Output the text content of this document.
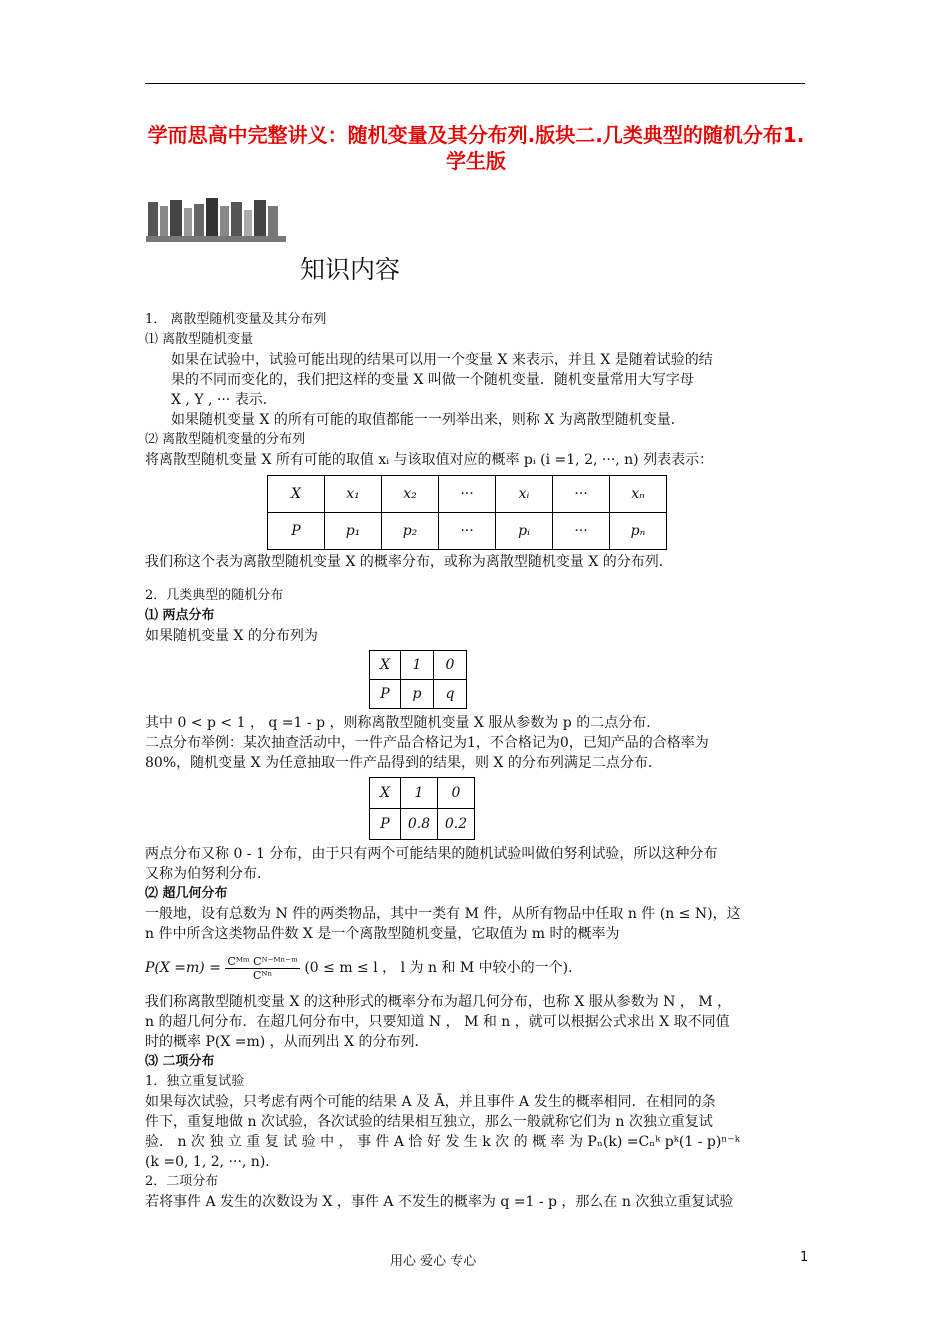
学而思高中完整讲义：随机变量及其分布列.版块二.几类典型的随机分布1.学生版
知识内容
1． 离散型随机变量及其分布列
⑴ 离散型随机变量
如果在试验中，试验可能出现的结果可以用一个变量 X 来表示，并且 X 是随着试验的结
果的不同而变化的，我们把这样的变量 X 叫做一个随机变量．随机变量常用大写字母
X , Y , ··· 表示．
如果随机变量 X 的所有可能的取值都能一一列举出来，则称 X 为离散型随机变量．
⑵ 离散型随机变量的分布列
将离散型随机变量 X 所有可能的取值 xᵢ 与该取值对应的概率 pᵢ (i =1, 2, ···, n) 列表表示：
X	x₁	x₂	···	xᵢ	···	xₙ
P	p₁	p₂	···	pᵢ	···	pₙ
我们称这个表为离散型随机变量 X 的概率分布，或称为离散型随机变量 X 的分布列．
2．几类典型的随机分布
⑴ 两点分布
如果随机变量 X 的分布列为
X	1	0
P	p	q
其中 0 < p < 1 ， q =1 - p ，则称离散型随机变量 X 服从参数为 p 的二点分布．
二点分布举例：某次抽查活动中，一件产品合格记为1，不合格记为0，已知产品的合格率为
80%，随机变量 X 为任意抽取一件产品得到的结果，则 X 的分布列满足二点分布．
X	1	0
P	0.8	0.2
两点分布又称 0 - 1 分布，由于只有两个可能结果的随机试验叫做伯努利试验，所以这种分布
又称为伯努利分布．
⑵ 超几何分布
一般地，设有总数为 N 件的两类物品，其中一类有 M 件，从所有物品中任取 n 件 (n ≤ N)，这
n 件中所含这类物品件数 X 是一个离散型随机变量，它取值为 m 时的概率为
$P(X =m) = \frac{\text{Cᴹᵐ Cᴺ⁻ᴹⁿ⁻ᵐ}}{\text{Cᴺⁿ}} (0 \le m \le l$ ， l 为 n 和 M 中较小的一个)．
我们称离散型随机变量 X 的这种形式的概率分布为超几何分布，也称 X 服从参数为 N ， M ，
n 的超几何分布．在超几何分布中，只要知道 N ， M 和 n ，就可以根据公式求出 X 取不同值
时的概率 P(X =m) ，从而列出 X 的分布列．
⑶ 二项分布
1．独立重复试验
如果每次试验，只考虑有两个可能的结果 A 及 Ā，并且事件 A 发生的概率相同．在相同的条
件下，重复地做 n 次试验，各次试验的结果相互独立，那么一般就称它们为 n 次独立重复试
验． n 次 独 立 重 复 试 验 中 ， 事 件 A 恰 好 发 生 k 次 的 概 率 为 Pₙ(k) =Cₙᵏ pᵏ(1 - p)ⁿ⁻ᵏ
(k =0, 1, 2, ···, n)．
2．二项分布
若将事件 A 发生的次数设为 X ，事件 A 不发生的概率为 q =1 - p ，那么在 n 次独立重复试验
用心 爱心 专心	1
